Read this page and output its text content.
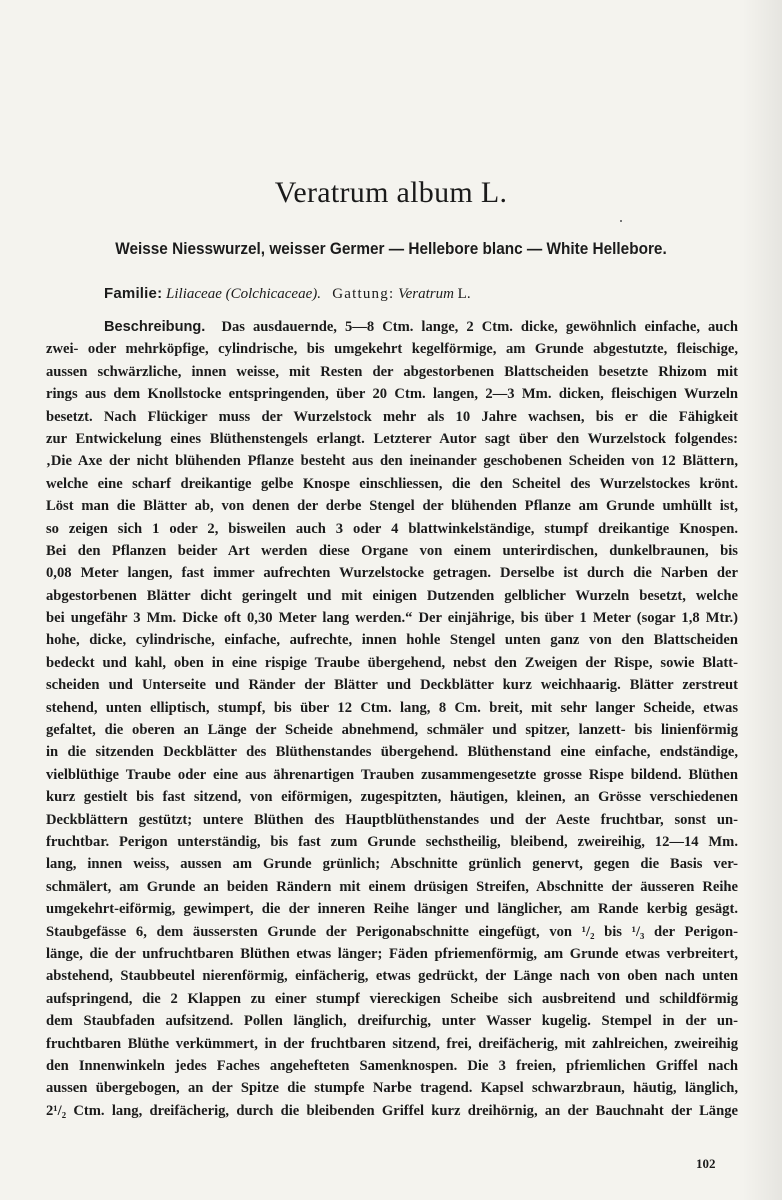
Veratrum album L.
Weisse Niesswurzel, weisser Germer — Hellebore blanc — White Hellebore.
Familie: Liliaceae (Colchicaceae). Gattung: Veratrum L.
Beschreibung. Das ausdauernde, 5—8 Ctm. lange, 2 Ctm. dicke, gewöhnlich einfache, auch
zwei- oder mehrköpfige, cylindrische, bis umgekehrt kegelförmige, am Grunde abgestutzte, fleischige,
aussen schwärzliche, innen weisse, mit Resten der abgestorbenen Blattscheiden besetzte Rhizom mit
rings aus dem Knollstocke entspringenden, über 20 Ctm. langen, 2—3 Mm. dicken, fleischigen Wurzeln
besetzt. Nach Flückiger muss der Wurzelstock mehr als 10 Jahre wachsen, bis er die Fähigkeit
zur Entwickelung eines Blüthenstengels erlangt. Letzterer Autor sagt über den Wurzelstock folgendes:
‚Die Axe der nicht blühenden Pflanze besteht aus den ineinander geschobenen Scheiden von 12 Blättern,
welche eine scharf dreikantige gelbe Knospe einschliessen, die den Scheitel des Wurzelstockes krönt.
Löst man die Blätter ab, von denen der derbe Stengel der blühenden Pflanze am Grunde umhüllt ist,
so zeigen sich 1 oder 2, bisweilen auch 3 oder 4 blattwinkelständige, stumpf dreikantige Knospen.
Bei den Pflanzen beider Art werden diese Organe von einem unterirdischen, dunkelbraunen, bis
0,08 Meter langen, fast immer aufrechten Wurzelstocke getragen. Derselbe ist durch die Narben der
abgestorbenen Blätter dicht geringelt und mit einigen Dutzenden gelblicher Wurzeln besetzt, welche
bei ungefähr 3 Mm. Dicke oft 0,30 Meter lang werden.“ Der einjährige, bis über 1 Meter (sogar 1,8 Mtr.)
hohe, dicke, cylindrische, einfache, aufrechte, innen hohle Stengel unten ganz von den Blattscheiden
bedeckt und kahl, oben in eine rispige Traube übergehend, nebst den Zweigen der Rispe, sowie Blatt-
scheiden und Unterseite und Ränder der Blätter und Deckblätter kurz weichhaarig. Blätter zerstreut
stehend, unten elliptisch, stumpf, bis über 12 Ctm. lang, 8 Cm. breit, mit sehr langer Scheide, etwas
gefaltet, die oberen an Länge der Scheide abnehmend, schmäler und spitzer, lanzett- bis linienförmig
in die sitzenden Deckblätter des Blüthenstandes übergehend. Blüthenstand eine einfache, endständige,
vielblüthige Traube oder eine aus ährenartigen Trauben zusammengesetzte grosse Rispe bildend. Blüthen
kurz gestielt bis fast sitzend, von eiförmigen, zugespitzten, häutigen, kleinen, an Grösse verschiedenen
Deckblättern gestützt; untere Blüthen des Hauptblüthenstandes und der Aeste fruchtbar, sonst un-
fruchtbar. Perigon unterständig, bis fast zum Grunde sechstheilig, bleibend, zweireihig, 12—14 Mm.
lang, innen weiss, aussen am Grunde grünlich; Abschnitte grünlich genervt, gegen die Basis ver-
schmälert, am Grunde an beiden Rändern mit einem drüsigen Streifen, Abschnitte der äusseren Reihe
umgekehrt-eiförmig, gewimpert, die der inneren Reihe länger und länglicher, am Rande kerbig gesägt.
Staubgefässe 6, dem äussersten Grunde der Perigonabschnitte eingefügt, von ¹/₂ bis ¹/₃ der Perigon-
länge, die der unfruchtbaren Blüthen etwas länger; Fäden pfriemenförmig, am Grunde etwas verbreitert,
abstehend, Staubbeutel nierenförmig, einfächerig, etwas gedrückt, der Länge nach von oben nach unten
aufspringend, die 2 Klappen zu einer stumpf viereckigen Scheibe sich ausbreitend und schildförmig
dem Staubfaden aufsitzend. Pollen länglich, dreifurchig, unter Wasser kugelig. Stempel in der un-
fruchtbaren Blüthe verkümmert, in der fruchtbaren sitzend, frei, dreifächerig, mit zahlreichen, zweireihig
den Innenwinkeln jedes Faches angehefteten Samenknospen. Die 3 freien, pfriemlichen Griffel nach
aussen übergebogen, an der Spitze die stumpfe Narbe tragend. Kapsel schwarzbraun, häutig, länglich,
2¹/₂ Ctm. lang, dreifächerig, durch die bleibenden Griffel kurz dreihörnig, an der Bauchnaht der Länge
102
